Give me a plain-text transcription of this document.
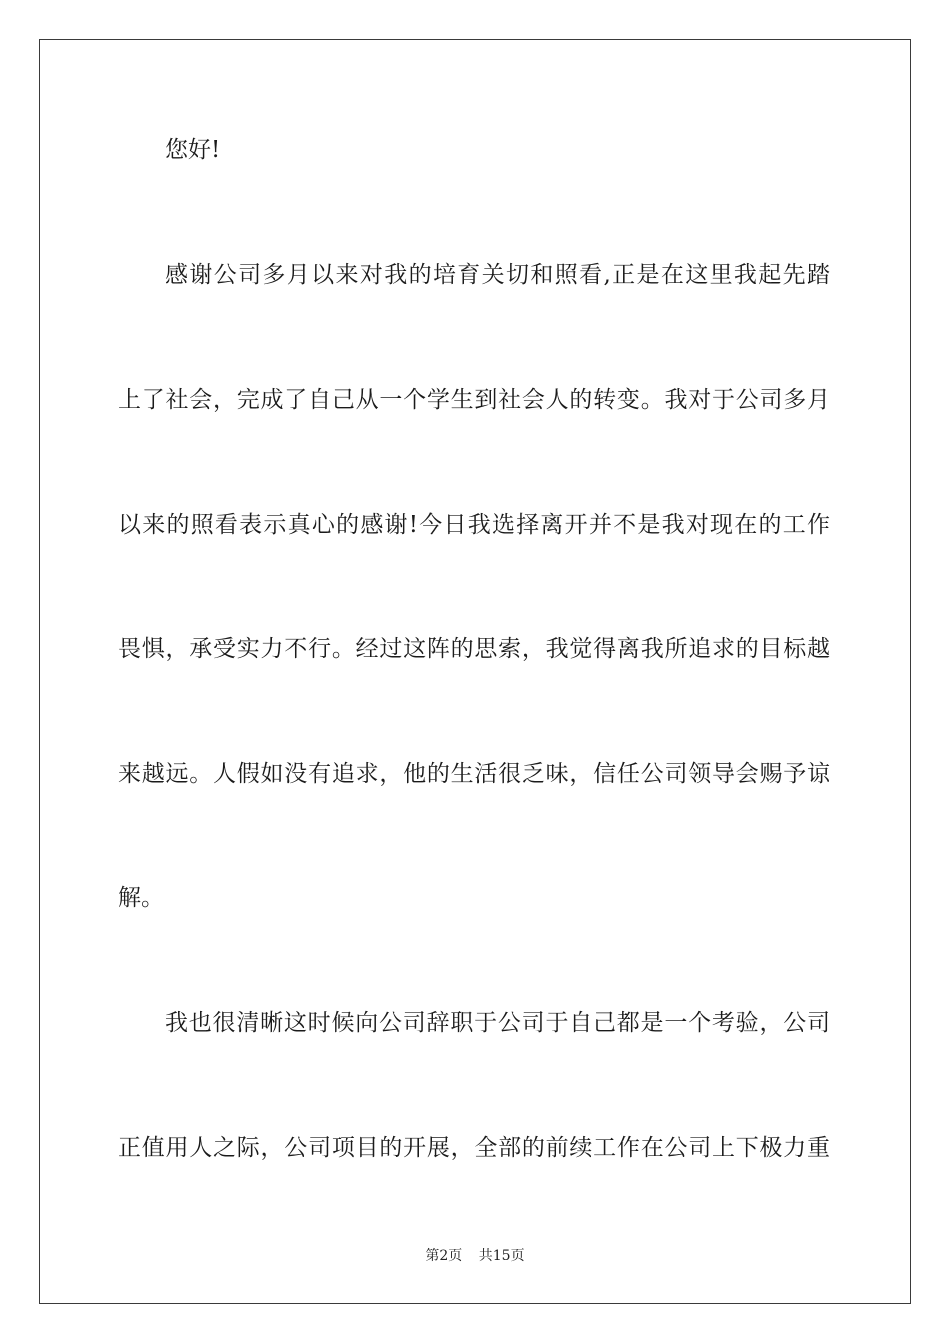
您好!
感谢公司多月以来对我的培育关切和照看,正是在这里我起先踏
上了社会，完成了自己从一个学生到社会人的转变。我对于公司多月
以来的照看表示真心的感谢!今日我选择离开并不是我对现在的工作
畏惧，承受实力不行。经过这阵的思索，我觉得离我所追求的目标越
来越远。人假如没有追求，他的生活很乏味，信任公司领导会赐予谅
解。
我也很清晰这时候向公司辞职于公司于自己都是一个考验，公司
正值用人之际，公司项目的开展，全部的前续工作在公司上下极力重
第2页 共15页
